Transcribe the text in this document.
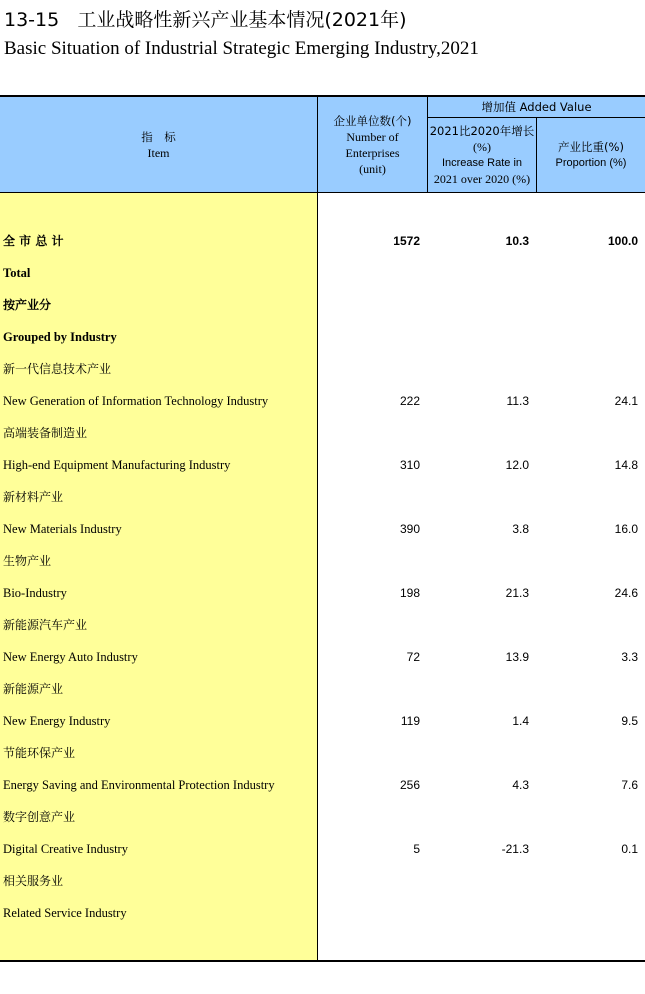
13-15 工业战略性新兴产业基本情况(2021年)
Basic Situation of Industrial Strategic Emerging Industry,2021
指　标
Item
企业单位数(个)
Number of
Enterprises
(unit)
增加值 Added Value
2021比2020年增长
(%)
Increase Rate in
2021 over 2020 (%)
产业比重(%)
Proportion (%)
全 市 总 计	1572	10.3	100.0
Total
按产业分
Grouped by Industry
新一代信息技术产业
New Generation of Information Technology Industry	222	11.3	24.1
高端装备制造业
High-end Equipment Manufacturing Industry	310	12.0	14.8
新材料产业
New Materials Industry	390	3.8	16.0
生物产业
Bio-Industry	198	21.3	24.6
新能源汽车产业
New Energy Auto Industry	72	13.9	3.3
新能源产业
New Energy Industry	119	1.4	9.5
节能环保产业
Energy Saving and Environmental Protection Industry	256	4.3	7.6
数字创意产业
Digital Creative Industry	5	-21.3	0.1
相关服务业
Related Service Industry
